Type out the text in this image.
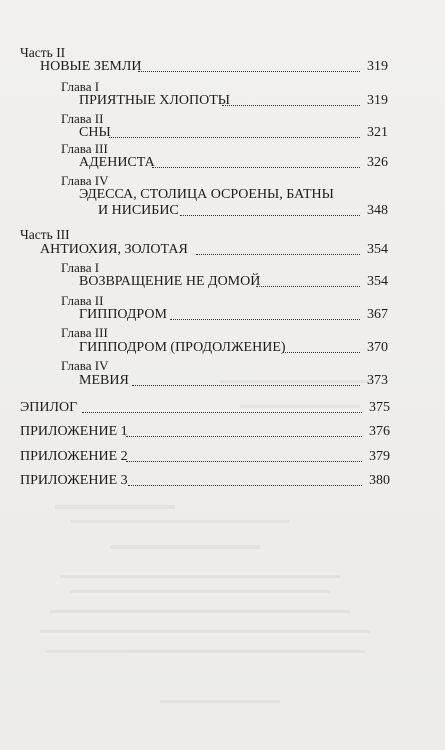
Часть II
НОВЫЕ ЗЕМЛИ	319
Глава I
ПРИЯТНЫЕ ХЛОПОТЫ	319
Глава II
СНЫ	321
Глава III
АДЕНИСТА	326
Глава IV
ЭДЕССА, СТОЛИЦА ОСРОЕНЫ, БАТНЫ
И НИСИБИС	348
Часть III
АНТИОХИЯ, ЗОЛОТАЯ	354
Глава I
ВОЗВРАЩЕНИЕ НЕ ДОМОЙ	354
Глава II
ГИППОДРОМ	367
Глава III
ГИППОДРОМ (ПРОДОЛЖЕНИЕ)	370
Глава IV
МЕВИЯ	373
ЭПИЛОГ	375
ПРИЛОЖЕНИЕ 1	376
ПРИЛОЖЕНИЕ 2	379
ПРИЛОЖЕНИЕ 3	380
